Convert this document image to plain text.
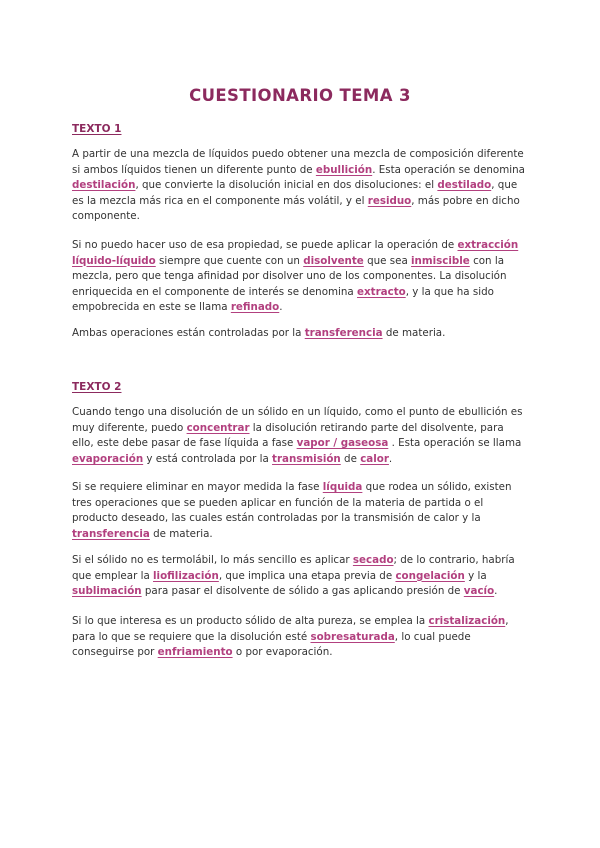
CUESTIONARIO TEMA 3
TEXTO 1

A partir de una mezcla de líquidos puedo obtener una mezcla de composición diferente si ambos líquidos tienen un diferente punto de ebullición. Esta operación se denomina destilación, que convierte la disolución inicial en dos disoluciones: el destilado, que es la mezcla más rica en el componente más volátil, y el residuo, más pobre en dicho componente.

Si no puedo hacer uso de esa propiedad, se puede aplicar la operación de extracción líquido-líquido siempre que cuente con un disolvente que sea inmiscible con la mezcla, pero que tenga afinidad por disolver uno de los componentes. La disolución enriquecida en el componente de interés se denomina extracto, y la que ha sido empobrecida en este se llama refinado.

Ambas operaciones están controladas por la transferencia de materia.

TEXTO 2

Cuando tengo una disolución de un sólido en un líquido, como el punto de ebullición es muy diferente, puedo concentrar la disolución retirando parte del disolvente, para ello, este debe pasar de fase líquida a fase vapor / gaseosa . Esta operación se llama evaporación y está controlada por la transmisión de calor.

Si se requiere eliminar en mayor medida la fase líquida que rodea un sólido, existen tres operaciones que se pueden aplicar en función de la materia de partida o el producto deseado, las cuales están controladas por la transmisión de calor y la transferencia de materia.

Si el sólido no es termolábil, lo más sencillo es aplicar secado; de lo contrario, habría que emplear la liofilización, que implica una etapa previa de congelación y la sublimación para pasar el disolvente de sólido a gas aplicando presión de vacío.

Si lo que interesa es un producto sólido de alta pureza, se emplea la cristalización, para lo que se requiere que la disolución esté sobresaturada, lo cual puede conseguirse por enfriamiento o por evaporación.
